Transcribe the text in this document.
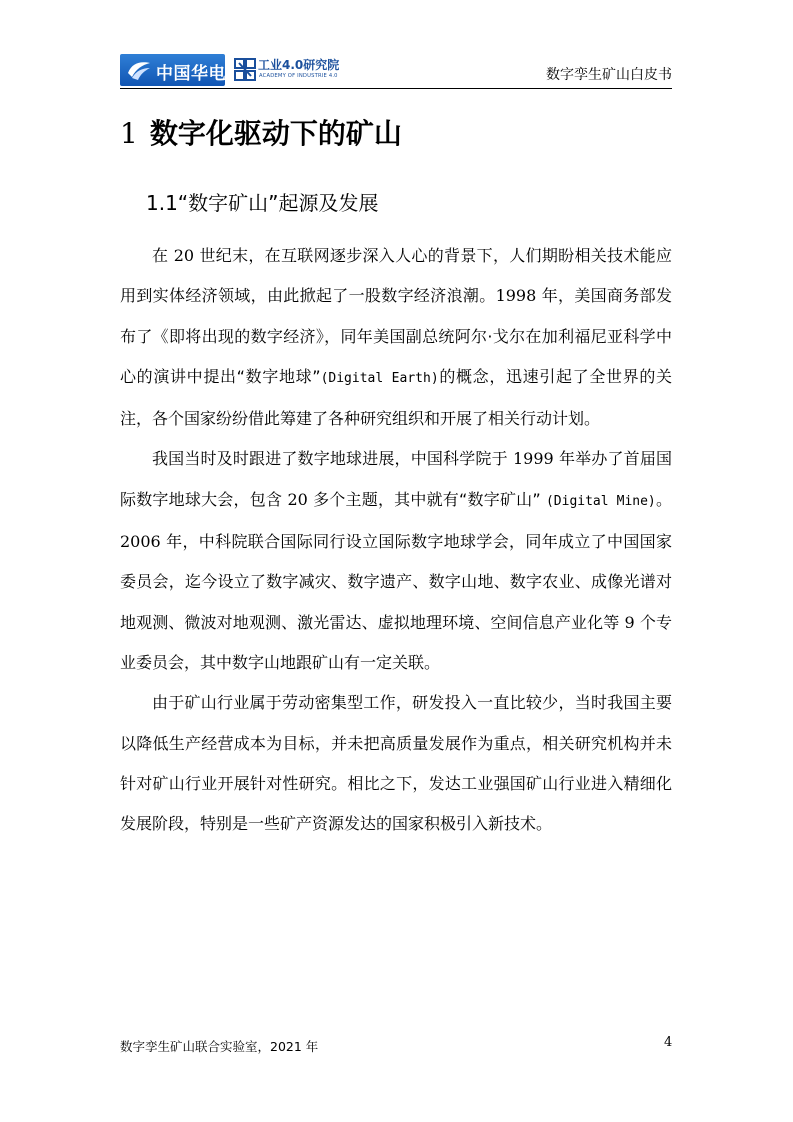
中国华电	工业4.0研究院
ACADEMY OF INDUSTRIE 4.0	数字孪生矿山白皮书
1 数字化驱动下的矿山
1.1“数字矿山”起源及发展

在 20 世纪末，在互联网逐步深入人心的背景下，人们期盼相关技术能应用到实体经济领域，由此掀起了一股数字经济浪潮。1998 年，美国商务部发布了《即将出现的数字经济》，同年美国副总统阿尔·戈尔在加利福尼亚科学中心的演讲中提出“数字地球”(Digital Earth)的概念，迅速引起了全世界的关注，各个国家纷纷借此筹建了各种研究组织和开展了相关行动计划。

我国当时及时跟进了数字地球进展，中国科学院于 1999 年举办了首届国际数字地球大会，包含 20 多个主题，其中就有“数字矿山” (Digital Mine)。2006 年，中科院联合国际同行设立国际数字地球学会，同年成立了中国国家委员会，迄今设立了数字减灾、数字遗产、数字山地、数字农业、成像光谱对地观测、微波对地观测、激光雷达、虚拟地理环境、空间信息产业化等 9 个专业委员会，其中数字山地跟矿山有一定关联。

由于矿山行业属于劳动密集型工作，研发投入一直比较少，当时我国主要以降低生产经营成本为目标，并未把高质量发展作为重点，相关研究机构并未针对矿山行业开展针对性研究。相比之下，发达工业强国矿山行业进入精细化发展阶段，特别是一些矿产资源发达的国家积极引入新技术。

数字孪生矿山联合实验室，2021 年	4
